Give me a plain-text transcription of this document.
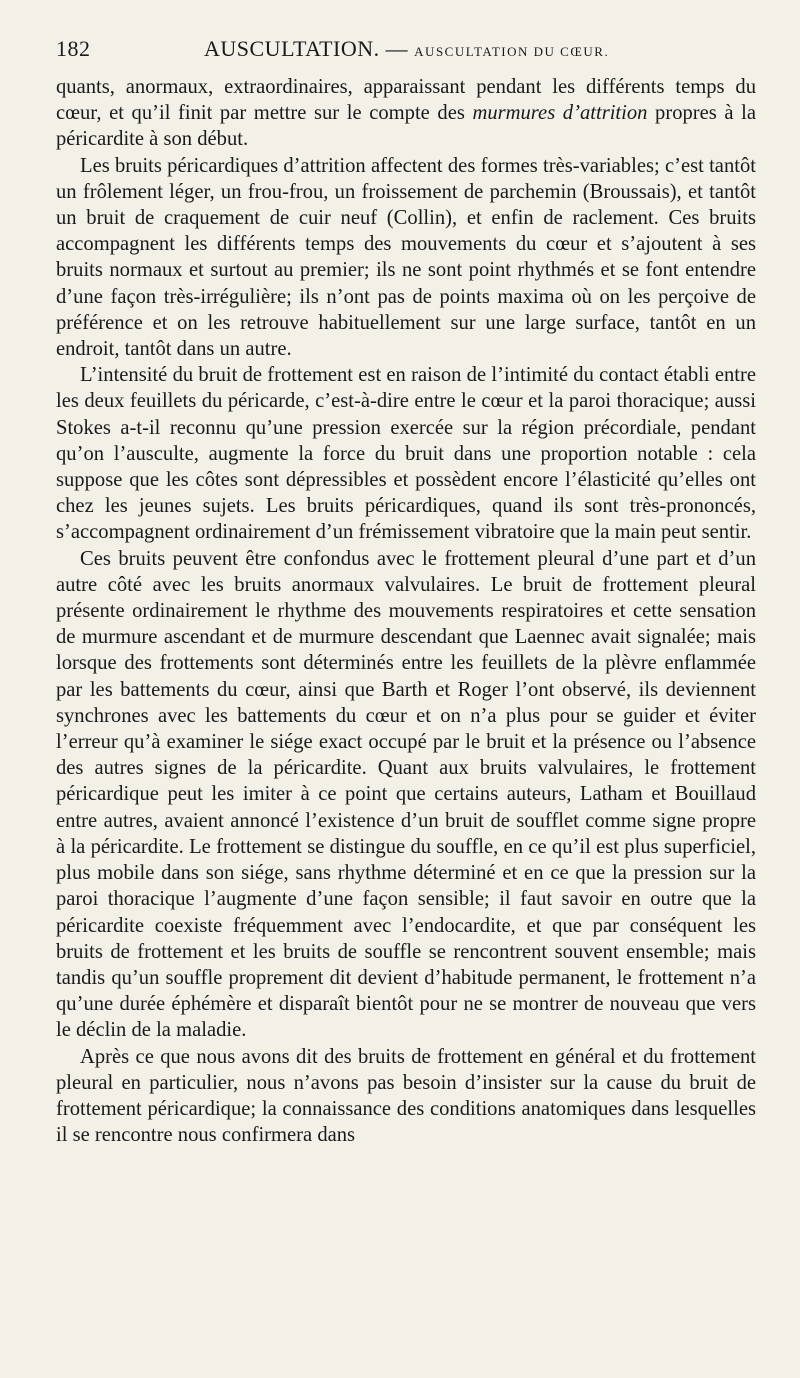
182	AUSCULTATION. — AUSCULTATION DU CŒUR.

quants, anormaux, extraordinaires, apparaissant pendant les différents temps du cœur, et qu’il finit par mettre sur le compte des murmures d’attrition propres à la péricardite à son début.

Les bruits péricardiques d’attrition affectent des formes très-variables; c’est tantôt un frôlement léger, un frou-frou, un froissement de parchemin (Broussais), et tantôt un bruit de craquement de cuir neuf (Collin), et enfin de raclement. Ces bruits accompagnent les différents temps des mouvements du cœur et s’ajoutent à ses bruits normaux et surtout au premier; ils ne sont point rhythmés et se font entendre d’une façon très-irrégulière; ils n’ont pas de points maxima où on les perçoive de préférence et on les retrouve habituellement sur une large surface, tantôt en un endroit, tantôt dans un autre.

L’intensité du bruit de frottement est en raison de l’intimité du contact établi entre les deux feuillets du péricarde, c’est-à-dire entre le cœur et la paroi thoracique; aussi Stokes a-t-il reconnu qu’une pression exercée sur la région précordiale, pendant qu’on l’ausculte, augmente la force du bruit dans une proportion notable : cela suppose que les côtes sont dépressibles et possèdent encore l’élasticité qu’elles ont chez les jeunes sujets. Les bruits péricardiques, quand ils sont très-prononcés, s’accompagnent ordinairement d’un frémissement vibratoire que la main peut sentir.

Ces bruits peuvent être confondus avec le frottement pleural d’une part et d’un autre côté avec les bruits anormaux valvulaires. Le bruit de frottement pleural présente ordinairement le rhythme des mouvements respiratoires et cette sensation de murmure ascendant et de murmure descendant que Laennec avait signalée; mais lorsque des frottements sont déterminés entre les feuillets de la plèvre enflammée par les battements du cœur, ainsi que Barth et Roger l’ont observé, ils deviennent synchrones avec les battements du cœur et on n’a plus pour se guider et éviter l’erreur qu’à examiner le siége exact occupé par le bruit et la présence ou l’absence des autres signes de la péricardite. Quant aux bruits valvulaires, le frottement péricardique peut les imiter à ce point que certains auteurs, Latham et Bouillaud entre autres, avaient annoncé l’existence d’un bruit de soufflet comme signe propre à la péricardite. Le frottement se distingue du souffle, en ce qu’il est plus superficiel, plus mobile dans son siége, sans rhythme déterminé et en ce que la pression sur la paroi thoracique l’augmente d’une façon sensible; il faut savoir en outre que la péricardite coexiste fréquemment avec l’endocardite, et que par conséquent les bruits de frottement et les bruits de souffle se rencontrent souvent ensemble; mais tandis qu’un souffle proprement dit devient d’habitude permanent, le frottement n’a qu’une durée éphémère et disparaît bientôt pour ne se montrer de nouveau que vers le déclin de la maladie.

Après ce que nous avons dit des bruits de frottement en général et du frottement pleural en particulier, nous n’avons pas besoin d’insister sur la cause du bruit de frottement péricardique; la connaissance des conditions anatomiques dans lesquelles il se rencontre nous confirmera dans
